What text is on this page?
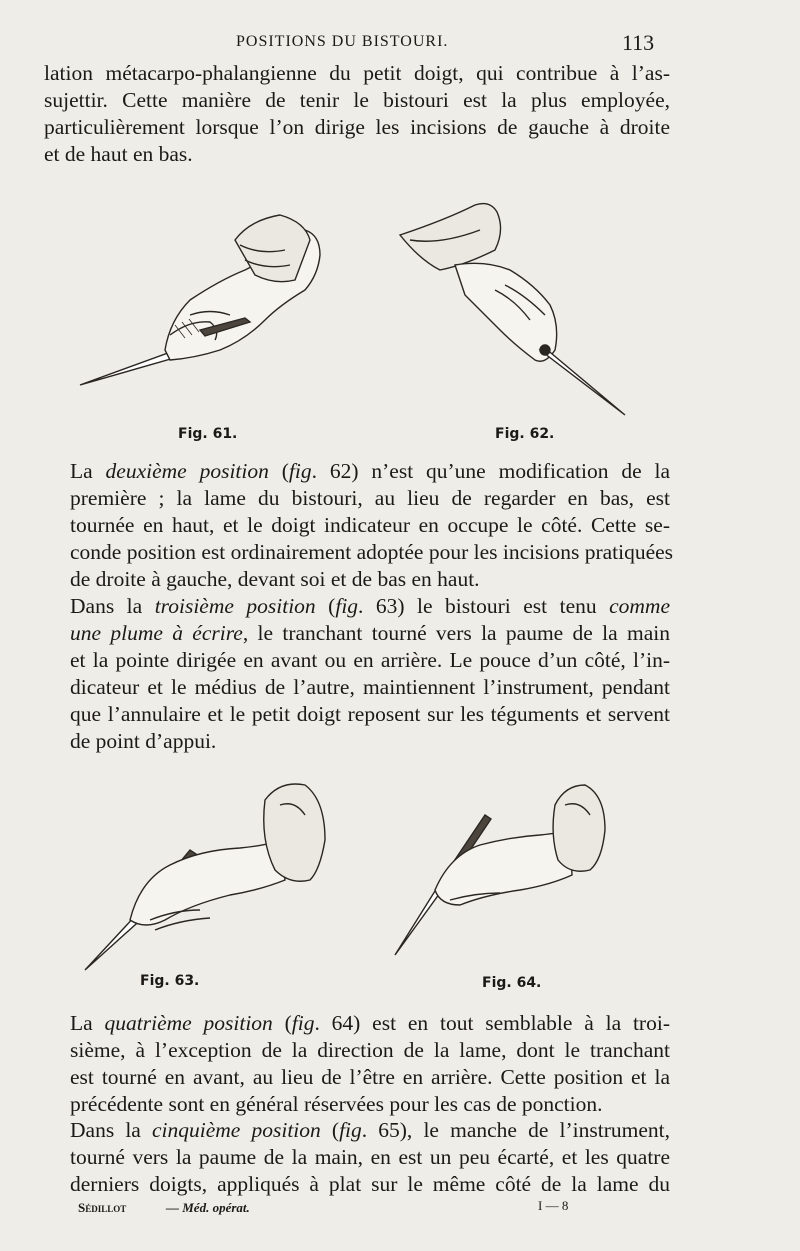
POSITIONS DU BISTOURI.	113

lation métacarpo-phalangienne du petit doigt, qui contribue à l’as-
sujettir. Cette manière de tenir le bistouri est la plus employée,
particulièrement lorsque l’on dirige les incisions de gauche à droite
et de haut en bas.

Fig. 61.	Fig. 62.

La deuxième position (fig. 62) n’est qu’une modification de la
première ; la lame du bistouri, au lieu de regarder en bas, est
tournée en haut, et le doigt indicateur en occupe le côté. Cette se-
conde position est ordinairement adoptée pour les incisions pratiquées
de droite à gauche, devant soi et de bas en haut.

Dans la troisième position (fig. 63) le bistouri est tenu comme
une plume à écrire, le tranchant tourné vers la paume de la main
et la pointe dirigée en avant ou en arrière. Le pouce d’un côté, l’in-
dicateur et le médius de l’autre, maintiennent l’instrument, pendant
que l’annulaire et le petit doigt reposent sur les téguments et servent
de point d’appui.

Fig. 63.	Fig. 64.

La quatrième position (fig. 64) est en tout semblable à la troi-
sième, à l’exception de la direction de la lame, dont le tranchant
est tourné en avant, au lieu de l’être en arrière. Cette position et la
précédente sont en général réservées pour les cas de ponction.

Dans la cinquième position (fig. 65), le manche de l’instrument,
tourné vers la paume de la main, en est un peu écarté, et les quatre
derniers doigts, appliqués à plat sur le même côté de la lame du

Sédillot	— Méd. opérat.	I — 8
